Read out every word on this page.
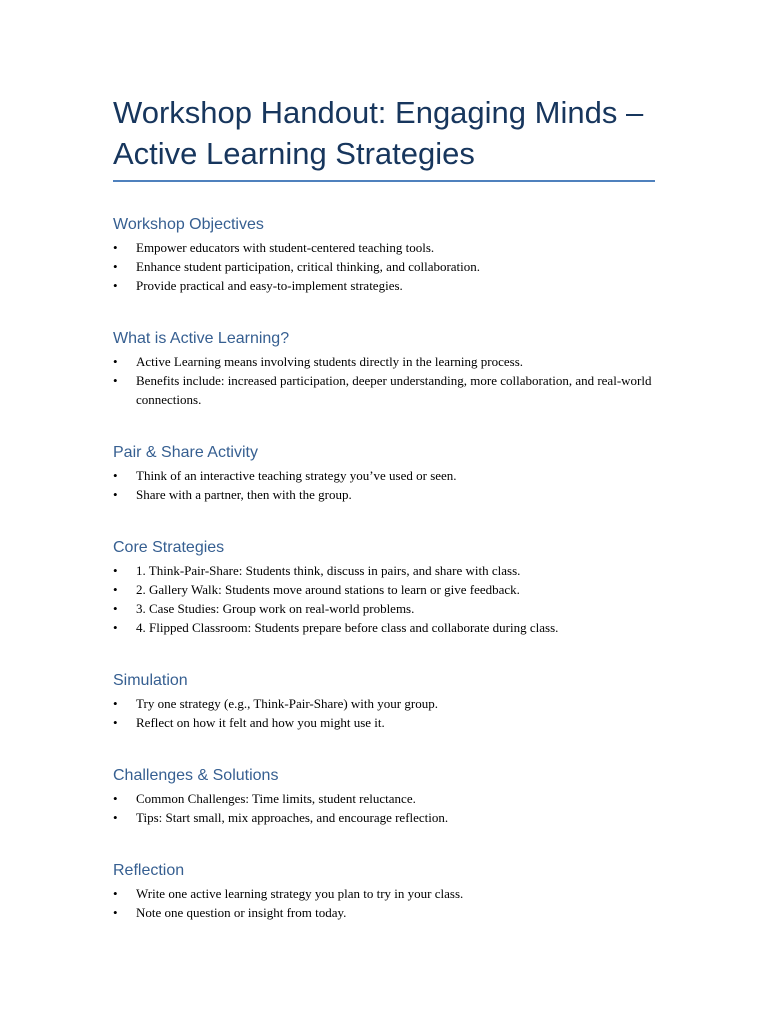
Workshop Handout: Engaging Minds –
Active Learning Strategies
Workshop Objectives
• Empower educators with student-centered teaching tools.
• Enhance student participation, critical thinking, and collaboration.
• Provide practical and easy-to-implement strategies.
What is Active Learning?
• Active Learning means involving students directly in the learning process.
• Benefits include: increased participation, deeper understanding, more collaboration, and real-world connections.
Pair & Share Activity
• Think of an interactive teaching strategy you’ve used or seen.
• Share with a partner, then with the group.
Core Strategies
• 1. Think-Pair-Share: Students think, discuss in pairs, and share with class.
• 2. Gallery Walk: Students move around stations to learn or give feedback.
• 3. Case Studies: Group work on real-world problems.
• 4. Flipped Classroom: Students prepare before class and collaborate during class.
Simulation
• Try one strategy (e.g., Think-Pair-Share) with your group.
• Reflect on how it felt and how you might use it.
Challenges & Solutions
• Common Challenges: Time limits, student reluctance.
• Tips: Start small, mix approaches, and encourage reflection.
Reflection
• Write one active learning strategy you plan to try in your class.
• Note one question or insight from today.
